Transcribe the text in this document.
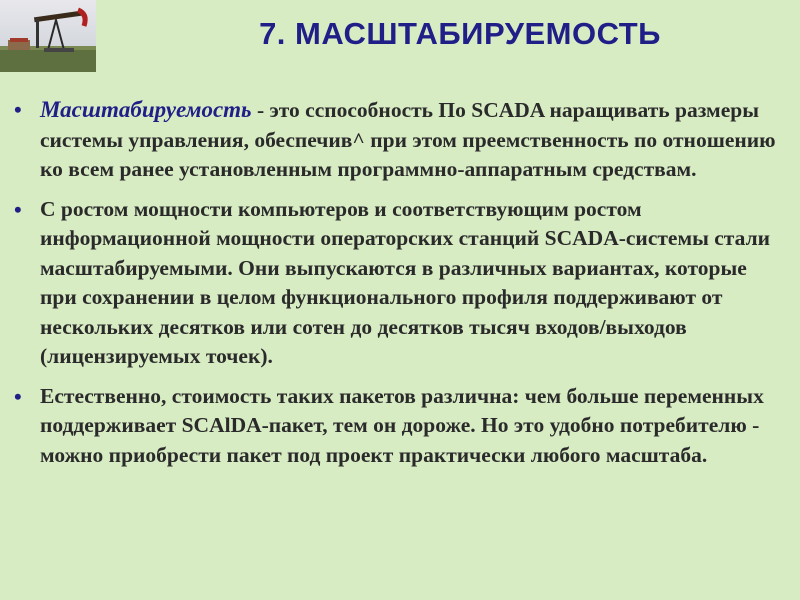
7. МАСШТАБИРУЕМОСТЬ
• Масштабируемость - это сспособность По SCADA наращивать размеры системы управления, обеспечив^ при этом преемственность по отношению ко всем ранее установленным программно-аппаратным средствам.
• С ростом мощности компьютеров и соответствующим ростом информационной мощности операторских станций SCADA-системы стали масштабируемыми. Они выпускаются в различных вариантах, которые при сохранении в целом функционального профиля поддерживают от нескольких десятков или сотен до десятков тысяч входов/выходов (лицензируемых точек).
• Естественно, стоимость таких пакетов различна: чем больше переменных поддерживает SCAlDA-пакет, тем он дороже. Но это удобно потребителю - можно приобрести пакет под проект практически любого масштаба.
